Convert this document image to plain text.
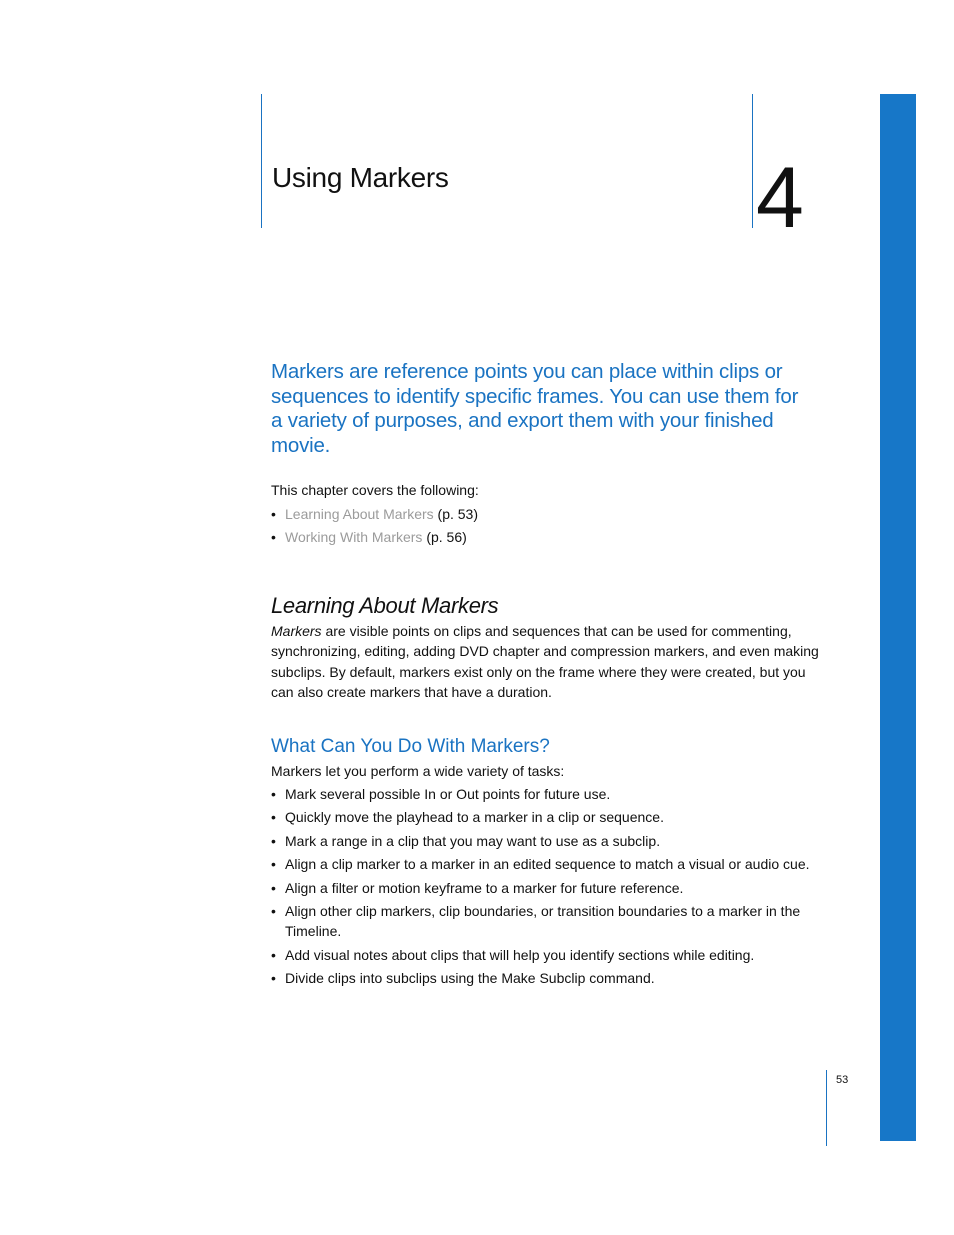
Using Markers	4

Markers are reference points you can place within clips or sequences to identify specific frames. You can use them for a variety of purposes, and export them with your finished movie.

This chapter covers the following:

• Learning About Markers (p. 53)
• Working With Markers (p. 56)
Learning About Markers

Markers are visible points on clips and sequences that can be used for commenting, synchronizing, editing, adding DVD chapter and compression markers, and even making subclips. By default, markers exist only on the frame where they were created, but you can also create markers that have a duration.

What Can You Do With Markers?

Markers let you perform a wide variety of tasks:

• Mark several possible In or Out points for future use.
• Quickly move the playhead to a marker in a clip or sequence.
• Mark a range in a clip that you may want to use as a subclip.
• Align a clip marker to a marker in an edited sequence to match a visual or audio cue.
• Align a filter or motion keyframe to a marker for future reference.
• Align other clip markers, clip boundaries, or transition boundaries to a marker in the Timeline.
• Add visual notes about clips that will help you identify sections while editing.
• Divide clips into subclips using the Make Subclip command.
53
